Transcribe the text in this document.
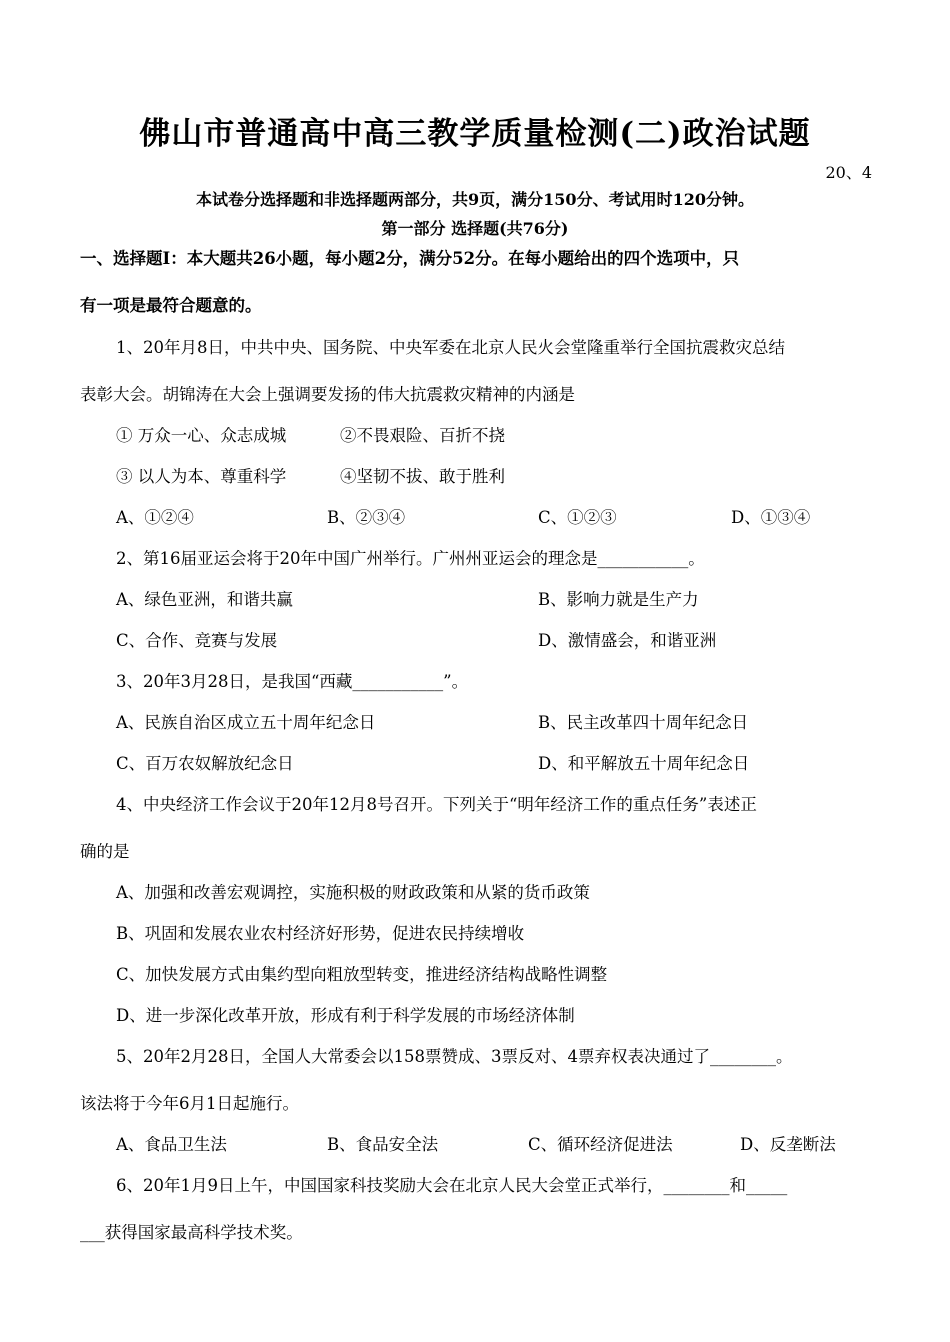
佛山市普通高中高三教学质量检测(二)政治试题
20、4
本试卷分选择题和非选择题两部分，共9页，满分150分、考试用时120分钟。
第一部分 选择题(共76分)
一、选择题Ⅰ：本大题共26小题，每小题2分，满分52分。在每小题给出的四个选项中，只
有一项是最符合题意的。
1、20年月8日，中共中央、国务院、中央军委在北京人民火会堂隆重举行全国抗震救灾总结
表彰大会。胡锦涛在大会上强调要发扬的伟大抗震救灾精神的内涵是
① 万众一心、众志成城	②不畏艰险、百折不挠
③ 以人为本、尊重科学	④坚韧不拔、敢于胜利
A、①②④	B、②③④	C、①②③	D、①③④
2、第16届亚运会将于20年中国广州举行。广州州亚运会的理念是___________。
A、绿色亚洲，和谐共赢	B、影响力就是生产力
C、合作、竞赛与发展	D、激情盛会，和谐亚洲
3、20年3月28日，是我国“西藏___________”。
A、民族自治区成立五十周年纪念日	B、民主改革四十周年纪念日
C、百万农奴解放纪念日	D、和平解放五十周年纪念日
4、中央经济工作会议于20年12月8号召开。下列关于“明年经济工作的重点任务”表述正
确的是
A、加强和改善宏观调控，实施积极的财政政策和从紧的货币政策
B、巩固和发展农业农村经济好形势，促进农民持续增收
C、加快发展方式由集约型向粗放型转变，推进经济结构战略性调整
D、进一步深化改革开放，形成有利于科学发展的市场经济体制
5、20年2月28日，全国人大常委会以158票赞成、3票反对、4票弃权表决通过了________。
该法将于今年6月1日起施行。
A、食品卫生法	B、食品安全法	C、循环经济促进法	D、反垄断法
6、20年1月9日上午，中国国家科技奖励大会在北京人民大会堂正式举行，________和_____
___获得国家最高科学技术奖。
